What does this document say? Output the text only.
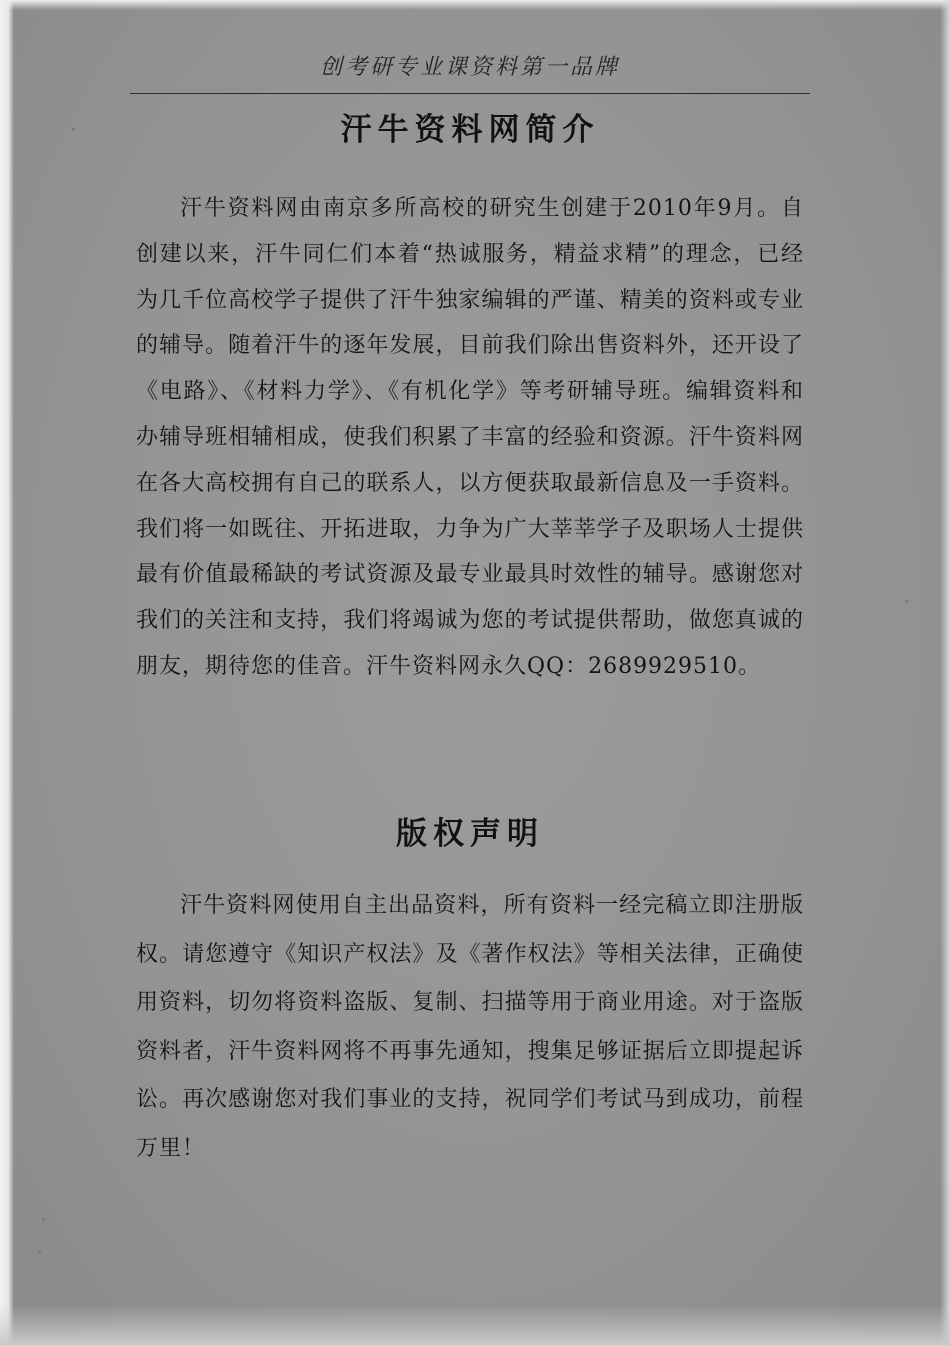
创考研专业课资料第一品牌
汗牛资料网简介

汗牛资料网由南京多所高校的研究生创建于2010年9月。自创建以来，汗牛同仁们本着“热诚服务，精益求精”的理念，已经为几千位高校学子提供了汗牛独家编辑的严谨、精美的资料或专业的辅导。随着汗牛的逐年发展，目前我们除出售资料外，还开设了《电路》、《材料力学》、《有机化学》等考研辅导班。编辑资料和办辅导班相辅相成，使我们积累了丰富的经验和资源。汗牛资料网在各大高校拥有自己的联系人，以方便获取最新信息及一手资料。我们将一如既往、开拓进取，力争为广大莘莘学子及职场人士提供最有价值最稀缺的考试资源及最专业最具时效性的辅导。感谢您对我们的关注和支持，我们将竭诚为您的考试提供帮助，做您真诚的朋友，期待您的佳音。汗牛资料网永久QQ：2689929510。

版权声明

汗牛资料网使用自主出品资料，所有资料一经完稿立即注册版权。请您遵守《知识产权法》及《著作权法》等相关法律，正确使用资料，切勿将资料盗版、复制、扫描等用于商业用途。对于盗版资料者，汗牛资料网将不再事先通知，搜集足够证据后立即提起诉讼。再次感谢您对我们事业的支持，祝同学们考试马到成功，前程万里！
